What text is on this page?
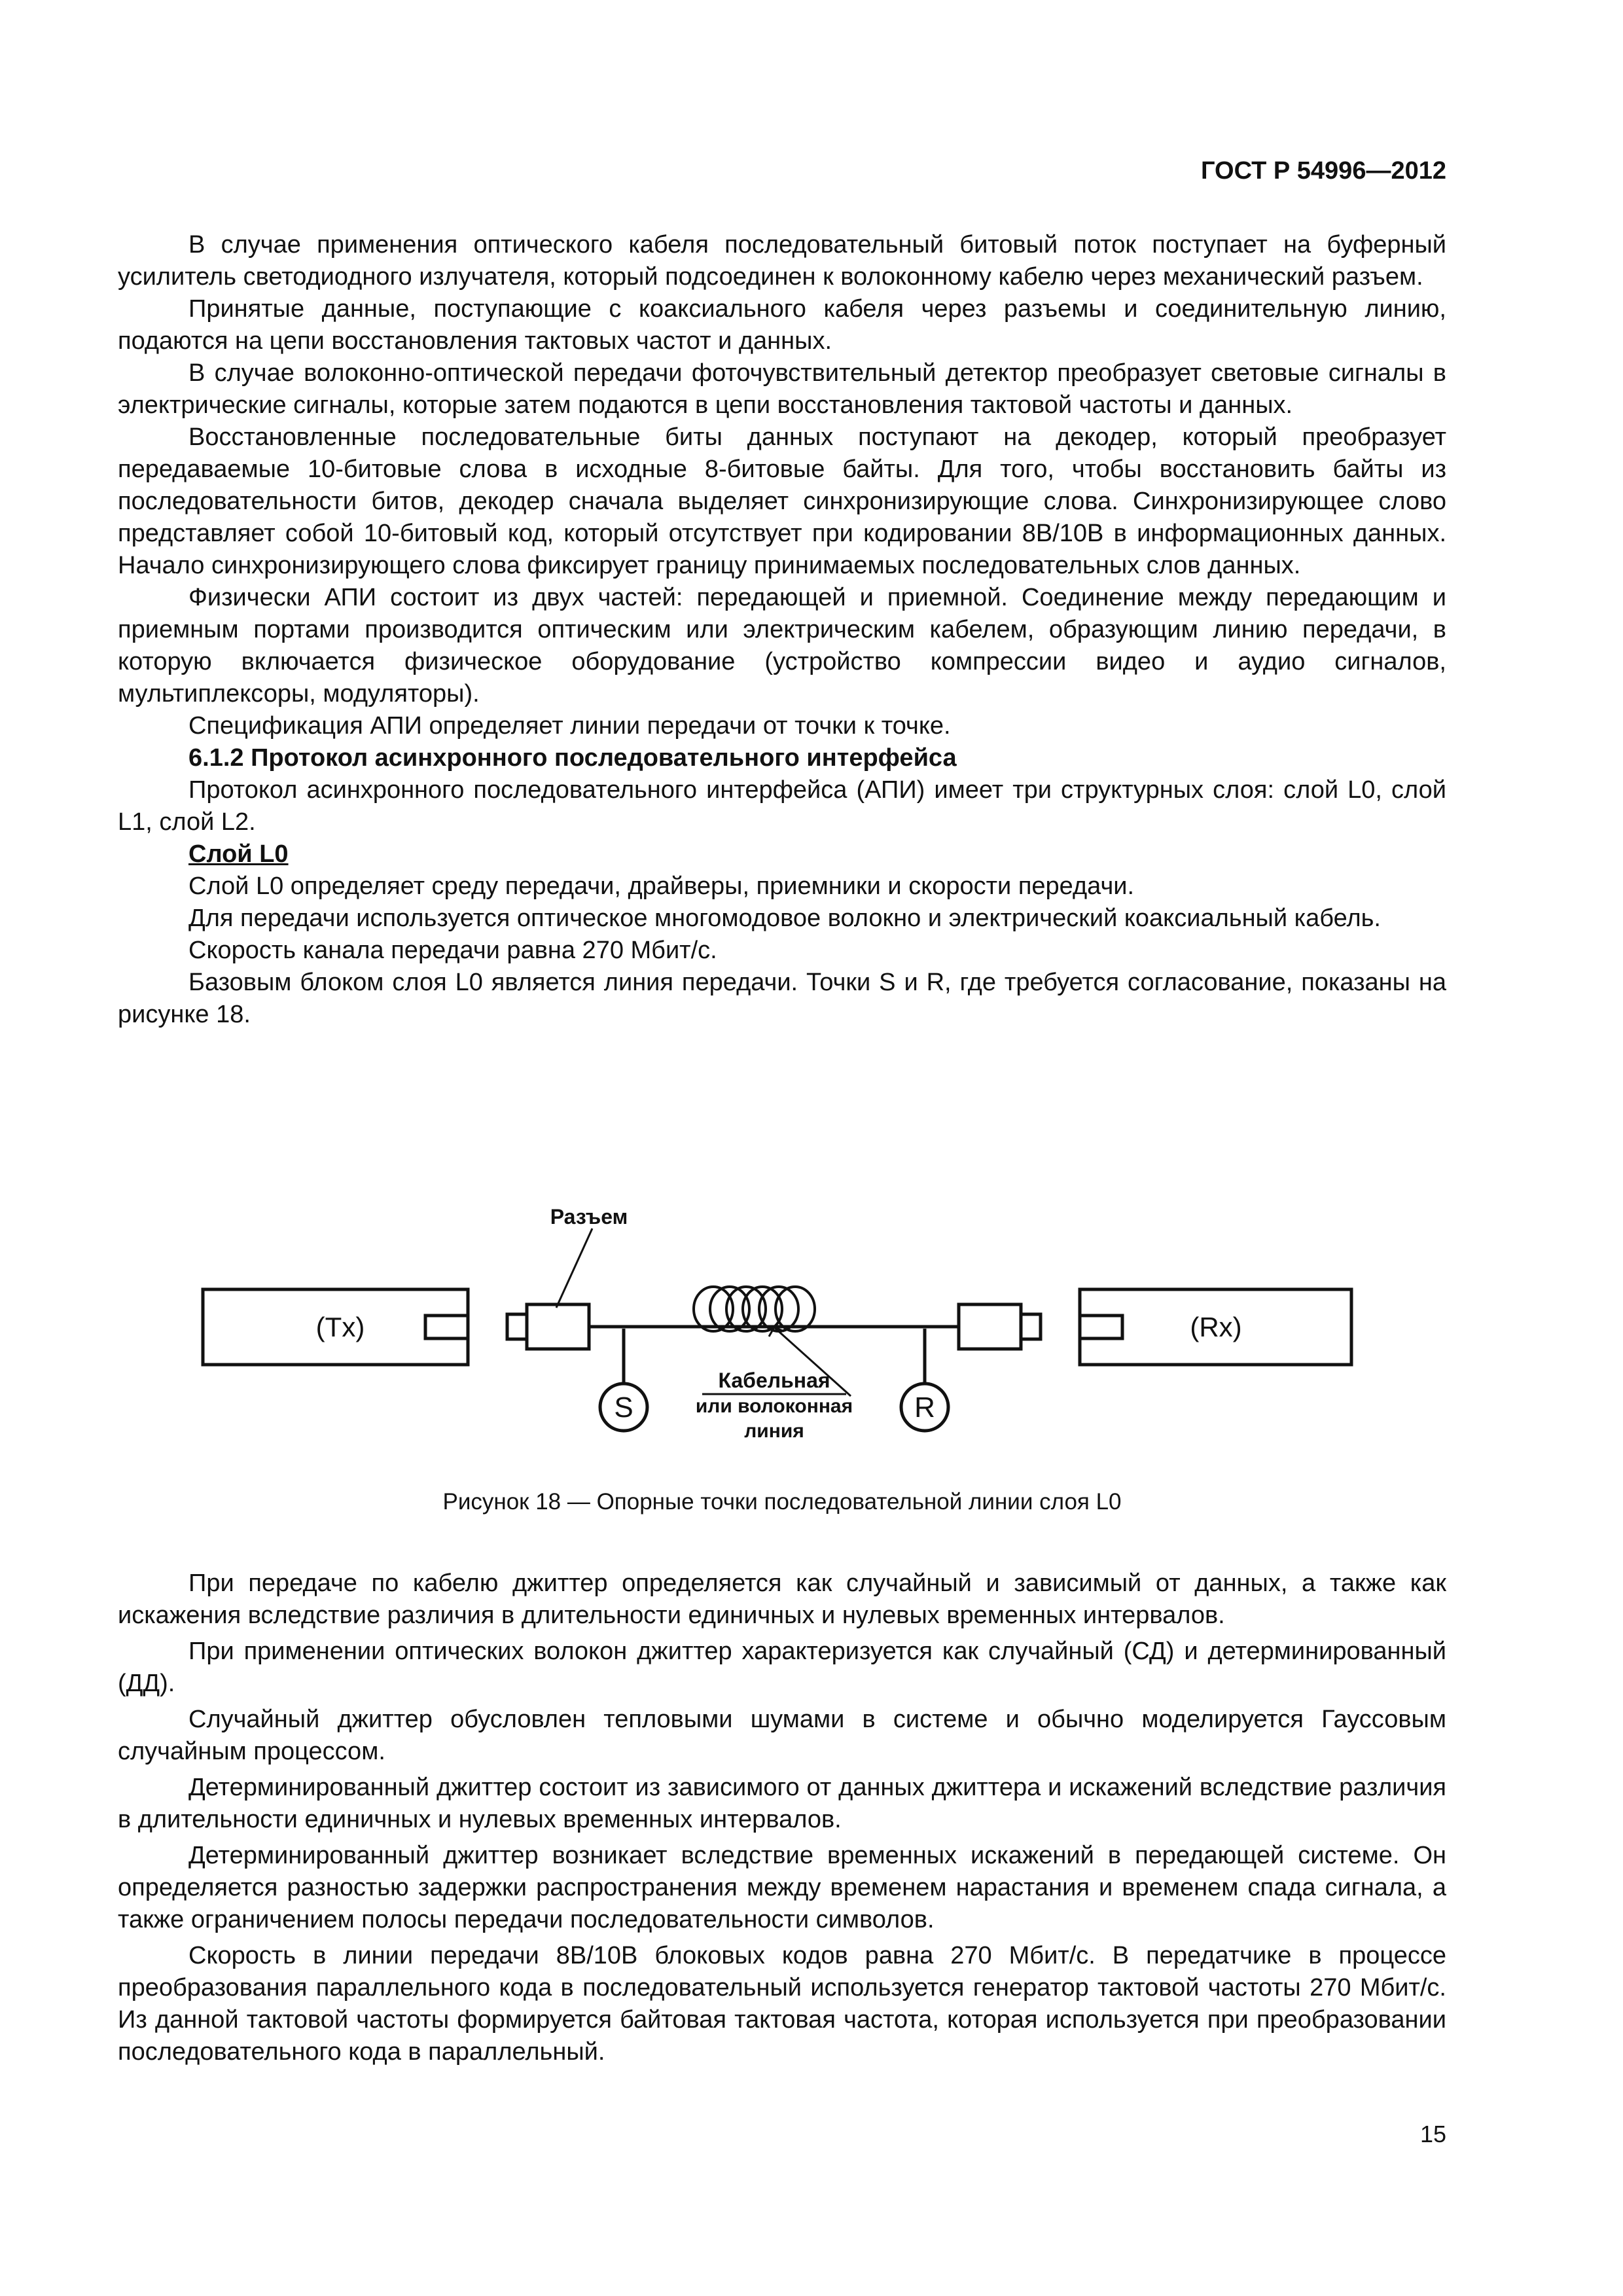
ГОСТ Р 54996—2012

В случае применения оптического кабеля последовательный битовый поток поступает на буферный усилитель светодиодного излучателя, который подсоединен к волоконному кабелю через механический разъем.

Принятые данные, поступающие с коаксиального кабеля через разъемы и соединительную линию, подаются на цепи восстановления тактовых частот и данных.

В случае волоконно-оптической передачи фоточувствительный детектор преобразует световые сигналы в электрические сигналы, которые затем подаются в цепи восстановления тактовой частоты и данных.

Восстановленные последовательные биты данных поступают на декодер, который преобразует передаваемые 10-битовые слова в исходные 8-битовые байты. Для того, чтобы восстановить байты из последовательности битов, декодер сначала выделяет синхронизирующие слова. Синхронизирующее слово представляет собой 10-битовый код, который отсутствует при кодировании 8В/10В в информационных данных. Начало синхронизирующего слова фиксирует границу принимаемых последовательных слов данных.

Физически АПИ состоит из двух частей: передающей и приемной. Соединение между передающим и приемным портами производится оптическим или электрическим кабелем, образующим линию передачи, в которую включается физическое оборудование (устройство компрессии видео и аудио сигналов, мультиплексоры, модуляторы).

Спецификация АПИ определяет линии передачи от точки к точке.

6.1.2 Протокол асинхронного последовательного интерфейса

Протокол асинхронного последовательного интерфейса (АПИ) имеет три структурных слоя: слой L0, слой L1, слой L2.

Слой L0

Слой L0 определяет среду передачи, драйверы, приемники и скорости передачи.

Для передачи используется оптическое многомодовое волокно и электрический коаксиальный кабель.

Скорость канала передачи равна 270 Мбит/с.

Базовым блоком слоя L0 является линия передачи. Точки S и R, где требуется согласование, показаны на рисунке 18.

(Tx)	(Rx)
Разъем
S	R
Кабельная
или волоконная
линия
Рисунок 18 — Опорные точки последовательной линии слоя L0

При передаче по кабелю джиттер определяется как случайный и зависимый от данных, а также как искажения вследствие различия в длительности единичных и нулевых временных интервалов.

При применении оптических волокон джиттер характеризуется как случайный (СД) и детерминированный (ДД).

Случайный джиттер обусловлен тепловыми шумами в системе и обычно моделируется Гауссовым случайным процессом.

Детерминированный джиттер состоит из зависимого от данных джиттера и искажений вследствие различия в длительности единичных и нулевых временных интервалов.

Детерминированный джиттер возникает вследствие временных искажений в передающей системе. Он определяется разностью задержки распространения между временем нарастания и временем спада сигнала, а также ограничением полосы передачи последовательности символов.

Скорость в линии передачи 8В/10В блоковых кодов равна 270 Мбит/с. В передатчике в процессе преобразования параллельного кода в последовательный используется генератор тактовой частоты 270 Мбит/с. Из данной тактовой частоты формируется байтовая тактовая частота, которая используется при преобразовании последовательного кода в параллельный.

15
